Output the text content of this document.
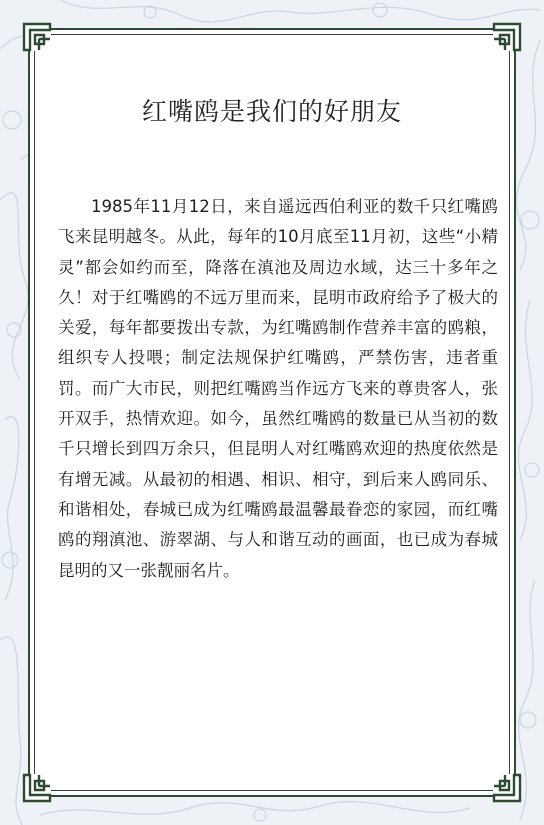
红嘴鸥是我们的好朋友

1985年11月12日，来自遥远西伯利亚的数千只红嘴鸥飞来昆明越冬。从此，每年的10月底至11月初，这些“小精灵”都会如约而至，降落在滇池及周边水域，达三十多年之久！对于红嘴鸥的不远万里而来，昆明市政府给予了极大的关爱，每年都要拨出专款，为红嘴鸥制作营养丰富的鸥粮，组织专人投喂；制定法规保护红嘴鸥，严禁伤害，违者重罚。而广大市民，则把红嘴鸥当作远方飞来的尊贵客人，张开双手，热情欢迎。如今，虽然红嘴鸥的数量已从当初的数千只增长到四万余只，但昆明人对红嘴鸥欢迎的热度依然是有增无减。从最初的相遇、相识、相守，到后来人鸥同乐、和谐相处，春城已成为红嘴鸥最温馨最眷恋的家园，而红嘴鸥的翔滇池、游翠湖、与人和谐互动的画面，也已成为春城昆明的又一张靓丽名片。
